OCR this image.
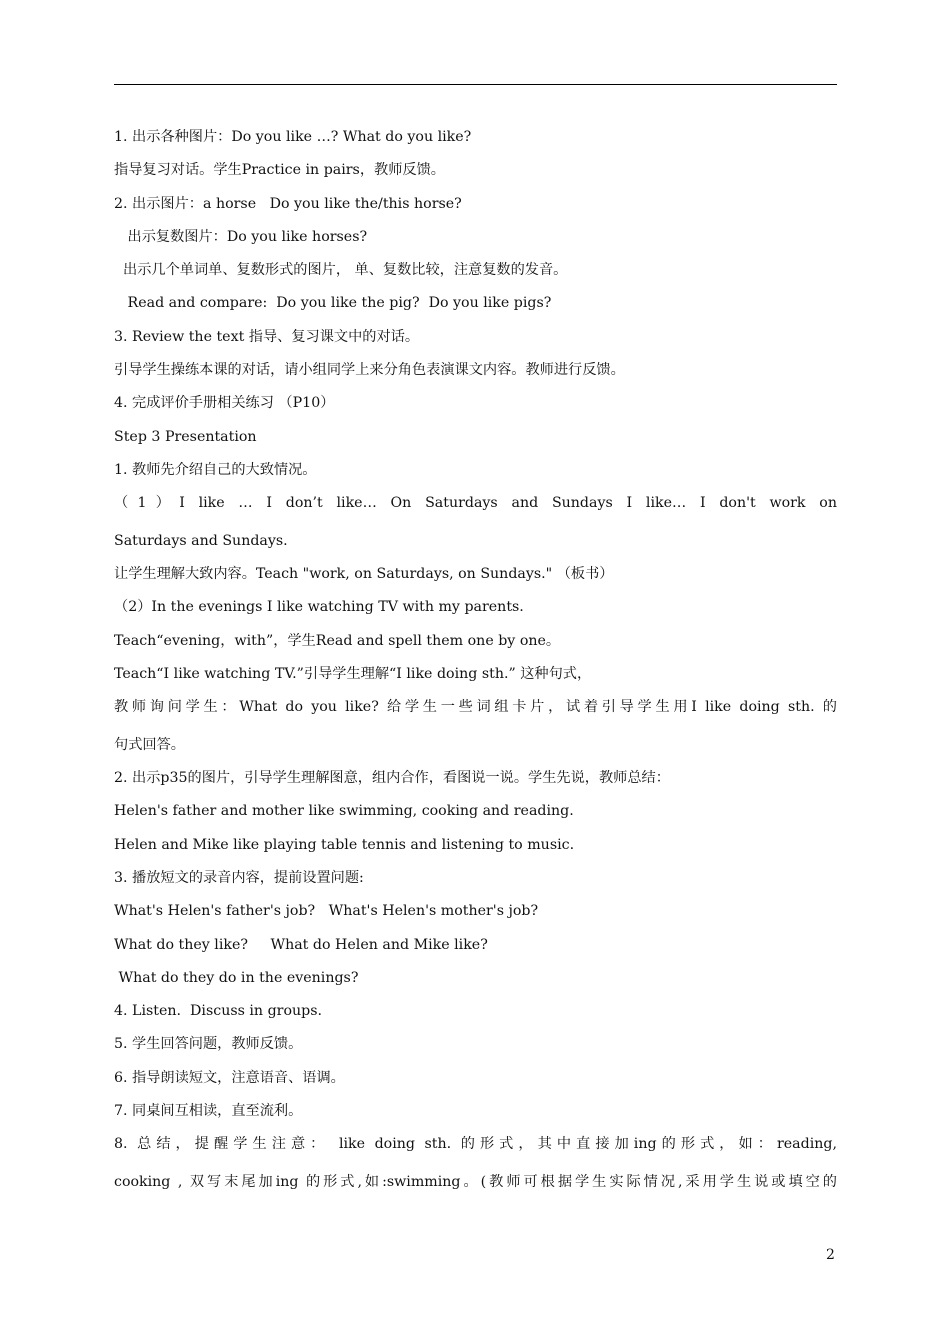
1. 出示各种图片：Do you like …? What do you like?
指导复习对话。学生Practice in pairs，教师反馈。
2. 出示图片：a horse   Do you like the/this horse?
出示复数图片：Do you like horses?
出示几个单词单、复数形式的图片， 单、复数比较，注意复数的发音。
Read and compare:  Do you like the pig?  Do you like pigs?
3. Review the text 指导、复习课文中的对话。
引导学生操练本课的对话，请小组同学上来分角色表演课文内容。教师进行反馈。
4. 完成评价手册相关练习 （P10）
Step 3 Presentation
1. 教师先介绍自己的大致情况。
（1）I like … I don’t like… On Saturdays and Sundays I like… I don't work on
Saturdays and Sundays.
让学生理解大致内容。Teach "work, on Saturdays, on Sundays." （板书）
（2）In the evenings I like watching TV with my parents.
Teach“evening，with”，学生Read and spell them one by one。
Teach“I like watching TV.”引导学生理解“I like doing sth.” 这种句式，
教师询问学生：What do you like? 给学生一些词组卡片，试着引导学生用I like doing sth. 的
句式回答。
2. 出示p35的图片，引导学生理解图意，组内合作，看图说一说。学生先说，教师总结：
Helen's father and mother like swimming, cooking and reading.
Helen and Mike like playing table tennis and listening to music.
3. 播放短文的录音内容，提前设置问题:
What's Helen's father's job?   What's Helen's mother's job?
What do they like?     What do Helen and Mike like?
What do they do in the evenings?
4. Listen.  Discuss in groups.
5. 学生回答问题，教师反馈。
6. 指导朗读短文，注意语音、语调。
7. 同桌间互相读，直至流利。
8. 总结，提醒学生注意： like doing sth. 的形式，其中直接加ing的形式，如：reading,
cooking , 双写末尾加ing 的形式,如:swimming。(教师可根据学生实际情况,采用学生说或填空的
2
